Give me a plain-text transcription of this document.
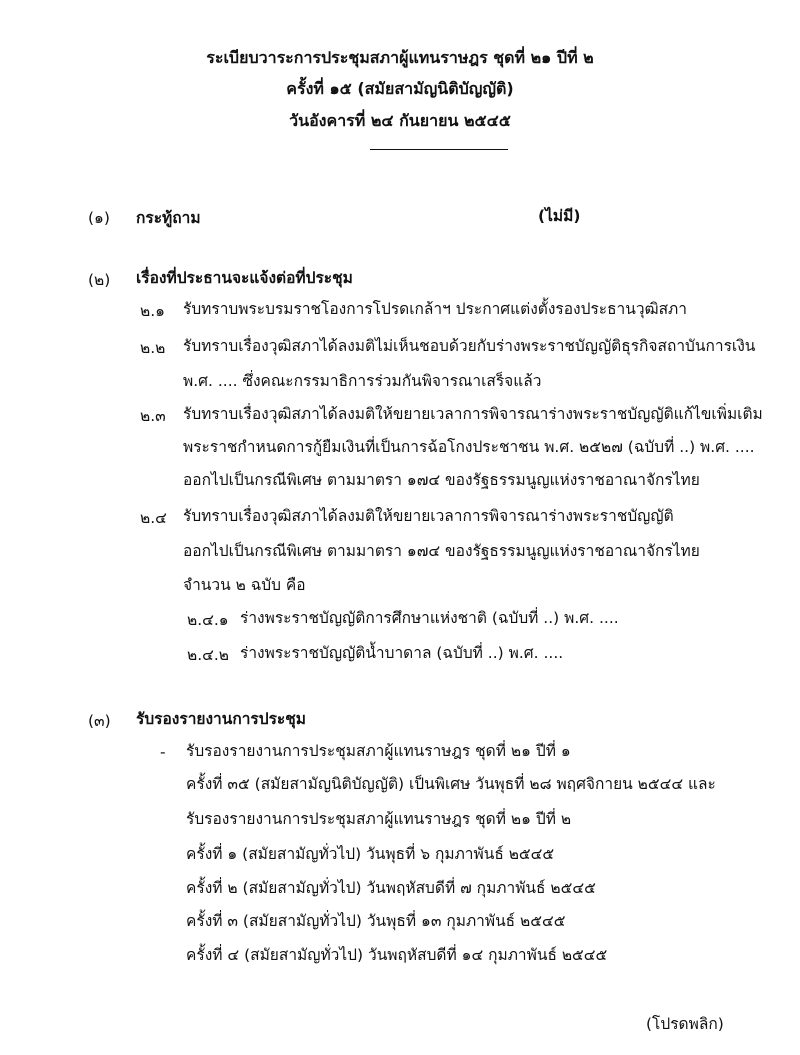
ระเบียบวาระการประชุมสภาผู้แทนราษฎร ชุดที่ ๒๑ ปีที่ ๒
ครั้งที่ ๑๕ (สมัยสามัญนิติบัญญัติ)
วันอังคารที่ ๒๔ กันยายน ๒๕๔๕
(๑) กระทู้ถาม	(ไม่มี)
(๒) เรื่องที่ประธานจะแจ้งต่อที่ประชุม
๒.๑ รับทราบพระบรมราชโองการโปรดเกล้าฯ ประกาศแต่งตั้งรองประธานวุฒิสภา
๒.๒ รับทราบเรื่องวุฒิสภาได้ลงมติไม่เห็นชอบด้วยกับร่างพระราชบัญญัติธุรกิจสถาบันการเงิน
พ.ศ. .... ซึ่งคณะกรรมาธิการร่วมกันพิจารณาเสร็จแล้ว
๒.๓ รับทราบเรื่องวุฒิสภาได้ลงมติให้ขยายเวลาการพิจารณาร่างพระราชบัญญัติแก้ไขเพิ่มเติม
พระราชกำหนดการกู้ยืมเงินที่เป็นการฉ้อโกงประชาชน พ.ศ. ๒๕๒๗ (ฉบับที่ ..) พ.ศ. ....
ออกไปเป็นกรณีพิเศษ ตามมาตรา ๑๗๔ ของรัฐธรรมนูญแห่งราชอาณาจักรไทย
๒.๔ รับทราบเรื่องวุฒิสภาได้ลงมติให้ขยายเวลาการพิจารณาร่างพระราชบัญญัติ
ออกไปเป็นกรณีพิเศษ ตามมาตรา ๑๗๔ ของรัฐธรรมนูญแห่งราชอาณาจักรไทย
จำนวน ๒ ฉบับ คือ
๒.๔.๑ ร่างพระราชบัญญัติการศึกษาแห่งชาติ (ฉบับที่ ..) พ.ศ. ....
๒.๔.๒ ร่างพระราชบัญญัติน้ำบาดาล (ฉบับที่ ..) พ.ศ. ....
(๓) รับรองรายงานการประชุม
- รับรองรายงานการประชุมสภาผู้แทนราษฎร ชุดที่ ๒๑ ปีที่ ๑
ครั้งที่ ๓๕ (สมัยสามัญนิติบัญญัติ) เป็นพิเศษ วันพุธที่ ๒๘ พฤศจิกายน ๒๕๔๔ และ
รับรองรายงานการประชุมสภาผู้แทนราษฎร ชุดที่ ๒๑ ปีที่ ๒
ครั้งที่ ๑ (สมัยสามัญทั่วไป) วันพุธที่ ๖ กุมภาพันธ์ ๒๕๔๕
ครั้งที่ ๒ (สมัยสามัญทั่วไป) วันพฤหัสบดีที่ ๗ กุมภาพันธ์ ๒๕๔๕
ครั้งที่ ๓ (สมัยสามัญทั่วไป) วันพุธที่ ๑๓ กุมภาพันธ์ ๒๕๔๕
ครั้งที่ ๔ (สมัยสามัญทั่วไป) วันพฤหัสบดีที่ ๑๔ กุมภาพันธ์ ๒๕๔๕
(โปรดพลิก)
